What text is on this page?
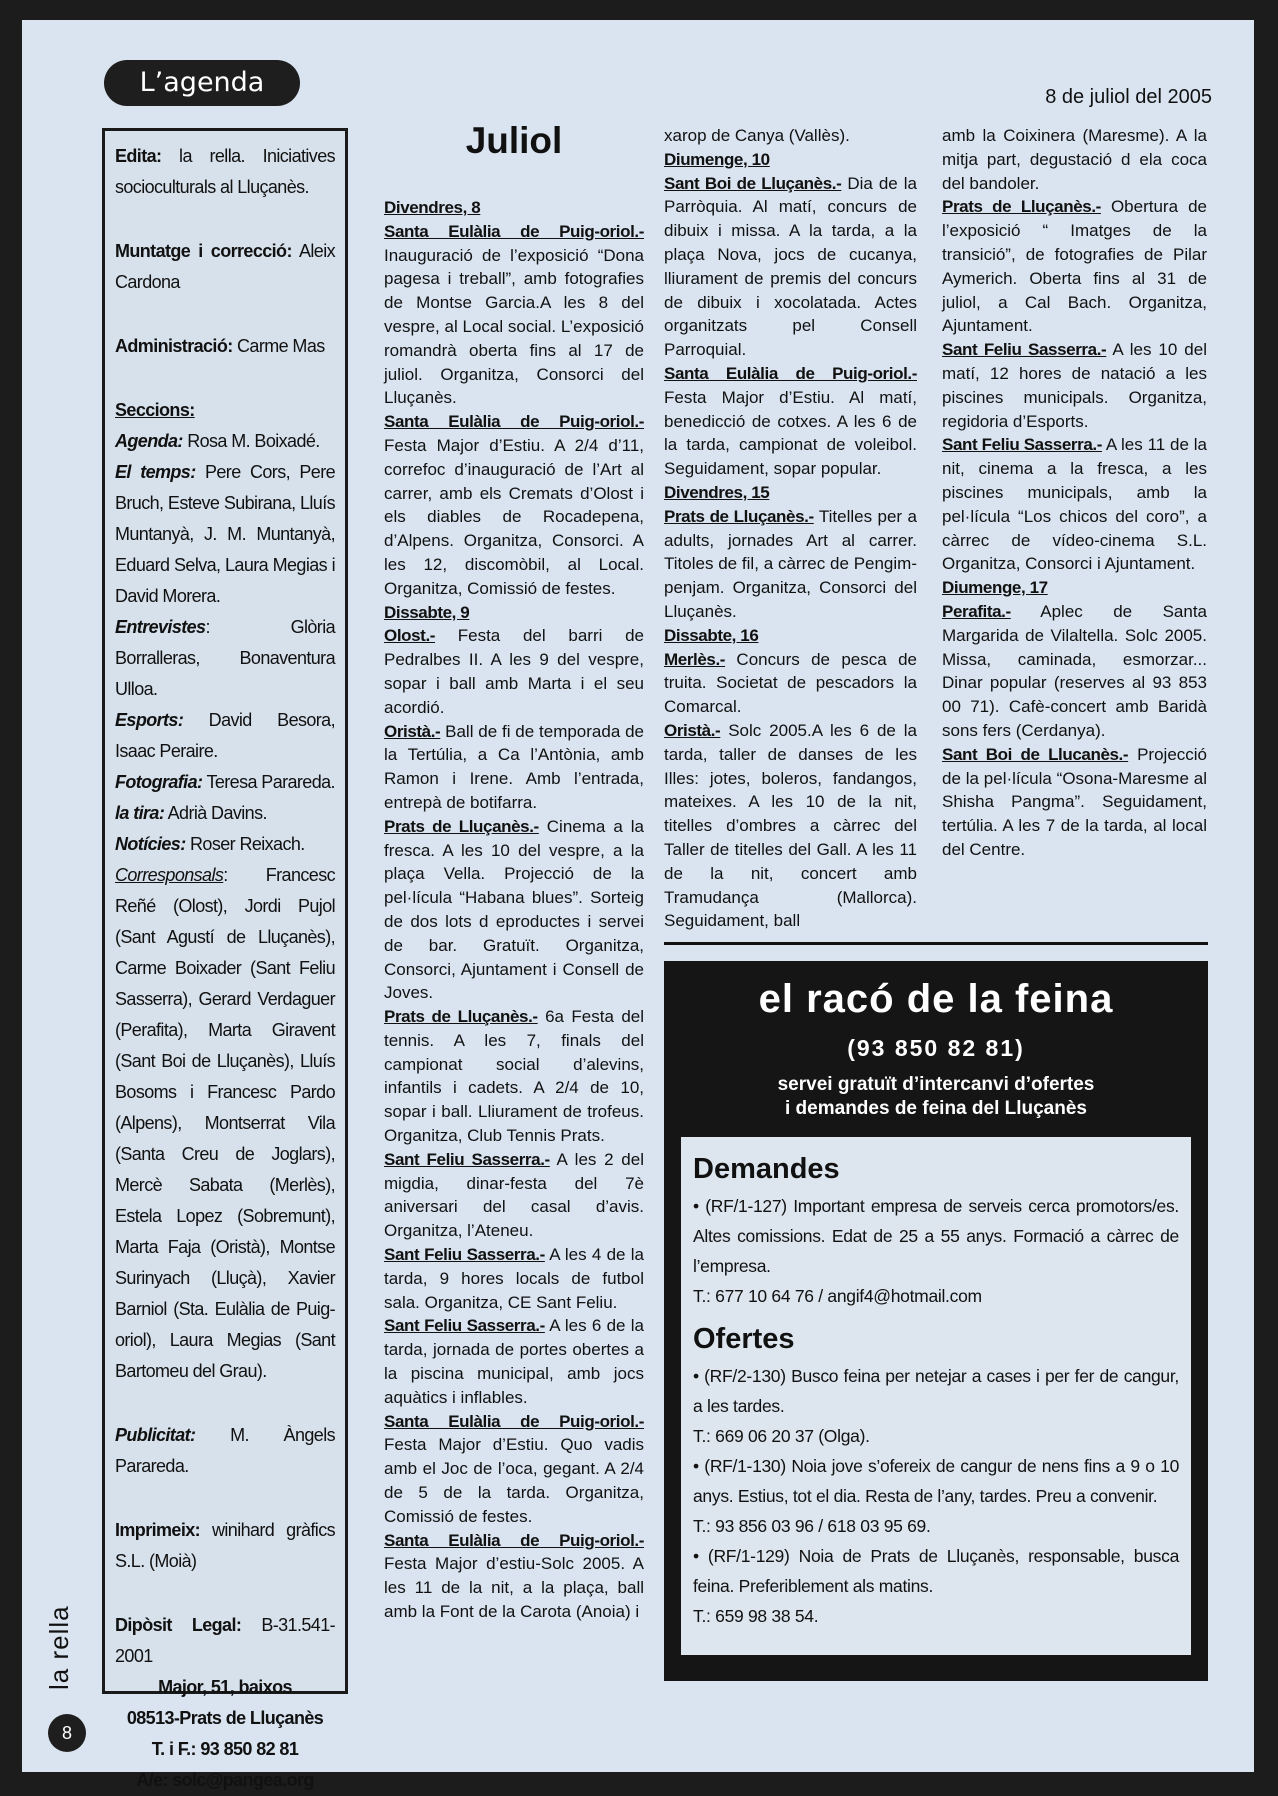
L’agenda	8 de juliol del 2005

Edita: la rella. Iniciatives socioculturals al Lluçanès.

Muntatge i correcció: Aleix Cardona

Administració: Carme Mas

Seccions:

Agenda: Rosa M. Boixadé.

El temps: Pere Cors, Pere Bruch, Esteve Subirana, Lluís Muntanyà, J. M. Muntanyà, Eduard Selva, Laura Megias i David Morera.

Entrevistes: Glòria Borralleras, Bonaventura Ulloa.

Esports: David Besora, Isaac Peraire.

Fotografia: Teresa Parareda.

la tira: Adrià Davins.

Notícies: Roser Reixach.

Corresponsals: Francesc Reñé (Olost), Jordi Pujol (Sant Agustí de Lluçanès), Carme Boixader (Sant Feliu Sasserra), Gerard Verdaguer (Perafita), Marta Giravent (Sant Boi de Lluçanès), Lluís Bosoms i Francesc Pardo (Alpens), Montserrat Vila (Santa Creu de Joglars), Mercè Sabata (Merlès), Estela Lopez (Sobremunt), Marta Faja (Oristà), Montse Surinyach (Lluçà), Xavier Barniol (Sta. Eulàlia de Puig-oriol), Laura Megias (Sant Bartomeu del Grau).

Publicitat: M. Àngels Parareda.

Imprimeix: winihard gràfics S.L. (Moià)

Dipòsit Legal: B-31.541-2001

Major, 51, baixos

08513-Prats de Lluçanès

T. i F.: 93 850 82 81

A/e: solc@pangea.org

la rella
8
Juliol

Divendres, 8

Santa Eulàlia de Puig-oriol.- Inauguració de l’exposició “Dona pagesa i treball”, amb fotografies de Montse Garcia.A les 8 del vespre, al Local social. L’exposició romandrà oberta fins al 17 de juliol. Organitza, Consorci del Lluçanès.

Santa Eulàlia de Puig-oriol.- Festa Major d’Estiu. A 2/4 d’11, correfoc d’inauguració de l’Art al carrer, amb els Cremats d’Olost i els diables de Rocadepena, d’Alpens. Organitza, Consorci. A les 12, discomòbil, al Local. Organitza, Comissió de festes.

Dissabte, 9

Olost.- Festa del barri de Pedralbes II. A les 9 del vespre, sopar i ball amb Marta i el seu acordió.

Oristà.- Ball de fi de temporada de la Tertúlia, a Ca l’Antònia, amb Ramon i Irene. Amb l’entrada, entrepà de botifarra.

Prats de Lluçanès.- Cinema a la fresca. A les 10 del vespre, a la plaça Vella. Projecció de la pel·lícula “Habana blues”. Sorteig de dos lots d eproductes i servei de bar. Gratuït. Organitza, Consorci, Ajuntament i Consell de Joves.

Prats de Lluçanès.- 6a Festa del tennis. A les 7, finals del campionat social d’alevins, infantils i cadets. A 2/4 de 10, sopar i ball. Lliurament de trofeus. Organitza, Club Tennis Prats.

Sant Feliu Sasserra.- A les 2 del migdia, dinar-festa del 7è aniversari del casal d’avis. Organitza, l’Ateneu.

Sant Feliu Sasserra.- A les 4 de la tarda, 9 hores locals de futbol sala. Organitza, CE Sant Feliu.

Sant Feliu Sasserra.- A les 6 de la tarda, jornada de portes obertes a la piscina municipal, amb jocs aquàtics i inflables.

Santa Eulàlia de Puig-oriol.- Festa Major d’Estiu. Quo vadis amb el Joc de l’oca, gegant. A 2/4 de 5 de la tarda. Organitza, Comissió de festes.

Santa Eulàlia de Puig-oriol.- Festa Major d’estiu-Solc 2005. A les 11 de la nit, a la plaça, ball amb la Font de la Carota (Anoia) i

xarop de Canya (Vallès).

Diumenge, 10

Sant Boi de Lluçanès.- Dia de la Parròquia. Al matí, concurs de dibuix i missa. A la tarda, a la plaça Nova, jocs de cucanya, lliurament de premis del concurs de dibuix i xocolatada. Actes organitzats pel Consell Parroquial.

Santa Eulàlia de Puig-oriol.- Festa Major d’Estiu. Al matí, benedicció de cotxes. A les 6 de la tarda, campionat de voleibol. Seguidament, sopar popular.

Divendres, 15

Prats de Lluçanès.- Titelles per a adults, jornades Art al carrer. Titoles de fil, a càrrec de Pengim-penjam. Organitza, Consorci del Lluçanès.

Dissabte, 16

Merlès.- Concurs de pesca de truita. Societat de pescadors la Comarcal.

Oristà.- Solc 2005.A les 6 de la tarda, taller de danses de les Illes: jotes, boleros, fandangos, mateixes. A les 10 de la nit, titelles d’ombres a càrrec del Taller de titelles del Gall. A les 11 de la nit, concert amb Tramudança (Mallorca). Seguidament, ball

amb la Coixinera (Maresme). A la mitja part, degustació d ela coca del bandoler.

Prats de Lluçanès.- Obertura de l’exposició “ Imatges de la transició”, de fotografies de Pilar Aymerich. Oberta fins al 31 de juliol, a Cal Bach. Organitza, Ajuntament.

Sant Feliu Sasserra.- A les 10 del matí, 12 hores de natació a les piscines municipals. Organitza, regidoria d’Esports.

Sant Feliu Sasserra.- A les 11 de la nit, cinema a la fresca, a les piscines municipals, amb la pel·lícula “Los chicos del coro”, a càrrec de vídeo-cinema S.L. Organitza, Consorci i Ajuntament.

Diumenge, 17

Perafita.- Aplec de Santa Margarida de Vilaltella. Solc 2005. Missa, caminada, esmorzar... Dinar popular (reserves al 93 853 00 71). Cafè-concert amb Baridà sons fers (Cerdanya).

Sant Boi de Llucanès.- Projecció de la pel·lícula “Osona-Maresme al Shisha Pangma”. Seguidament, tertúlia. A les 7 de la tarda, al local del Centre.

el racó de la feina
(93 850 82 81)
servei gratuït d’intercanvi d’ofertes
i demandes de feina del Lluçanès

Demandes

• (RF/1-127) Important empresa de serveis cerca promotors/es. Altes comissions. Edat de 25 a 55 anys. Formació a càrrec de l’empresa.

T.: 677 10 64 76 / angif4@hotmail.com

Ofertes

• (RF/2-130) Busco feina per netejar a cases i per fer de cangur, a les tardes.

T.: 669 06 20 37 (Olga).

• (RF/1-130) Noia jove s’ofereix de cangur de nens fins a 9 o 10 anys. Estius, tot el dia. Resta de l’any, tardes. Preu a convenir.

T.: 93 856 03 96 / 618 03 95 69.

• (RF/1-129) Noia de Prats de Lluçanès, responsable, busca feina. Preferiblement als matins.

T.: 659 98 38 54.
